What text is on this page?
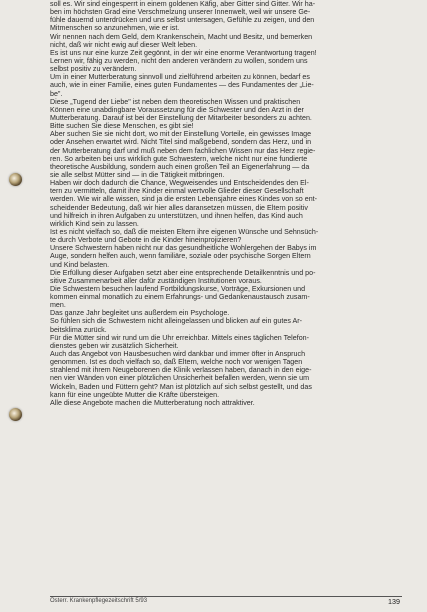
soll es. Wir sind eingesperrt in einem goldenen Käfig, aber Gitter sind Gitter. Wir ha-
ben im höchsten Grad eine Verschmelzung unserer Innenwelt, weil wir unsere Ge-
fühle dauernd unterdrücken und uns selbst untersagen, Gefühle zu zeigen, und den
Mitmenschen so anzunehmen, wie er ist.
Wir nennen nach dem Geld, dem Krankenschein, Macht und Besitz, und bemerken
nicht, daß wir nicht ewig auf dieser Welt leben.
Es ist uns nur eine kurze Zeit gegönnt, in der wir eine enorme Verantwortung tragen!
Lernen wir, fähig zu werden, nicht den anderen verändern zu wollen, sondern uns
selbst positiv zu verändern.
Um in einer Mutterberatung sinnvoll und zielführend arbeiten zu können, bedarf es
auch, wie in einer Familie, eines guten Fundamentes — des Fundamentes der „Lie-
be".
Diese „Tugend der Liebe" ist neben dem theoretischen Wissen und praktischen
Können eine unabdingbare Voraussetzung für die Schwester und den Arzt in der
Mutterberatung. Darauf ist bei der Einstellung der Mitarbeiter besonders zu achten.
Bitte suchen Sie diese Menschen, es gibt sie!
Aber suchen Sie sie nicht dort, wo mit der Einstellung Vorteile, ein gewisses Image
oder Ansehen erwartet wird. Nicht Titel sind maßgebend, sondern das Herz, und in
der Mutterberatung darf und muß neben dem fachlichen Wissen nur das Herz regie-
ren. So arbeiten bei uns wirklich gute Schwestern, welche nicht nur eine fundierte
theoretische Ausbildung, sondern auch einen großen Teil an Eigenerfahrung — da
sie alle selbst Mütter sind — in die Tätigkeit mitbringen.
Haben wir doch dadurch die Chance, Wegweisendes und Entscheidendes den El-
tern zu vermitteln, damit ihre Kinder einmal wertvolle Glieder dieser Gesellschaft
werden. Wie wir alle wissen, sind ja die ersten Lebensjahre eines Kindes von so ent-
scheidender Bedeutung, daß wir hier alles daransetzen müssen, die Eltern positiv
und hilfreich in ihren Aufgaben zu unterstützen, und ihnen helfen, das Kind auch
wirklich Kind sein zu lassen.
Ist es nicht vielfach so, daß die meisten Eltern ihre eigenen Wünsche und Sehnsüch-
te durch Verbote und Gebote in die Kinder hineinprojizieren?
Unsere Schwestern haben nicht nur das gesundheitliche Wohlergehen der Babys im
Auge, sondern helfen auch, wenn familiäre, soziale oder psychische Sorgen Eltern
und Kind belasten.
Die Erfüllung dieser Aufgaben setzt aber eine entsprechende Detailkenntnis und po-
sitive Zusammenarbeit aller dafür zuständigen Institutionen voraus.
Die Schwestern besuchen laufend Fortbildungskurse, Vorträge, Exkursionen und
kommen einmal monatlich zu einem Erfahrungs- und Gedankenaustausch zusam-
men.
Das ganze Jahr begleitet uns außerdem ein Psychologe.
So fühlen sich die Schwestern nicht alleingelassen und blicken auf ein gutes Ar-
beitsklima zurück.
Für die Mütter sind wir rund um die Uhr erreichbar. Mittels eines täglichen Telefon-
dienstes geben wir zusätzlich Sicherheit.
Auch das Angebot von Hausbesuchen wird dankbar und immer öfter in Anspruch
genommen. Ist es doch vielfach so, daß Eltern, welche noch vor wenigen Tagen
strahlend mit ihrem Neugeborenen die Klinik verlassen haben, danach in den eige-
nen vier Wänden von einer plötzlichen Unsicherheit befallen werden, wenn sie um
Wickeln, Baden und Füttern geht? Man ist plötzlich auf sich selbst gestellt, und das
kann für eine ungeübte Mutter die Kräfte übersteigen.
Alle diese Angebote machen die Mutterberatung noch attraktiver.
Österr. Krankenpflegezeitschrift 5/93	139
